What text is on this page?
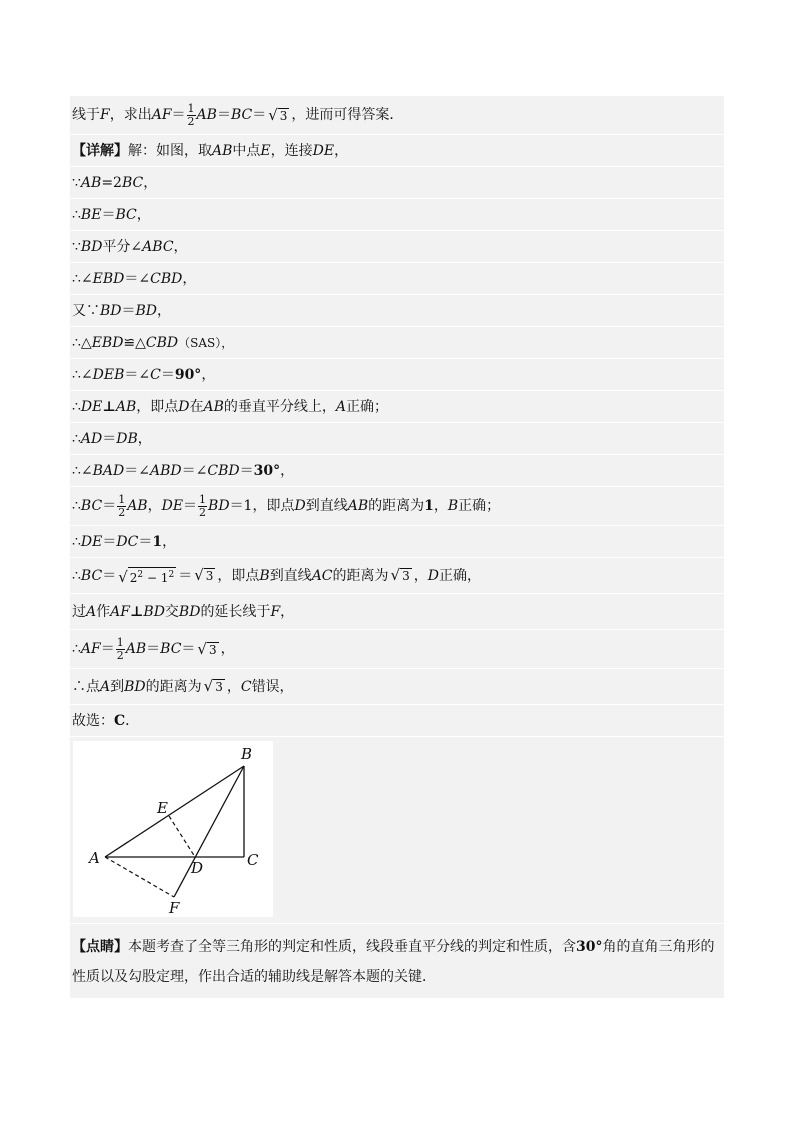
线于 F ，求出 AF ＝ $\frac{1}{2}$ AB ＝ BC ＝ √ 3 ，进而可得答案．
【详解】 解：如图，取 AB 中点 E ，连接 DE ，
∵ AB =2 BC ，
∴ BE ＝ BC ，
∵ BD 平分∠ ABC ，
∴∠ EBD ＝∠ CBD ，
又∵ BD ＝ BD ，
∴△ EBD ≌△ CBD （SAS），
∴∠ DEB ＝∠ C ＝ 90° ，
∴ DE ⊥ AB ，即点 D 在 AB 的垂直平分线上， A 正确；
∴ AD ＝ DB ，
∴∠ BAD ＝∠ ABD ＝∠ CBD ＝ 30° ，
∴ BC ＝ $\frac{1}{2}$ AB ， DE ＝ $\frac{1}{2}$ BD ＝1，即点 D 到直线 AB 的距离为 1 ， B 正确；
∴ DE ＝ DC ＝ 1 ，
∴ BC ＝ √ $2^2 - 1^2$ ＝ √ 3 ，即点 B 到直线 AC 的距离为 √ 3 ， D 正确，
过 A 作 AF ⊥ BD 交 BD 的延长线于 F ，
∴ AF ＝ $\frac{1}{2}$ AB ＝ BC ＝ √ 3 ，
∴点 A 到 BD 的距离为 √ 3 ， C 错误，
故选： C ．
A
B
C
D
E
F
【点睛】本题考查了全等三角形的判定和性质，线段垂直平分线的判定和性质，含30°角的直角三角形的性质以及勾股定理，作出合适的辅助线是解答本题的关键．
